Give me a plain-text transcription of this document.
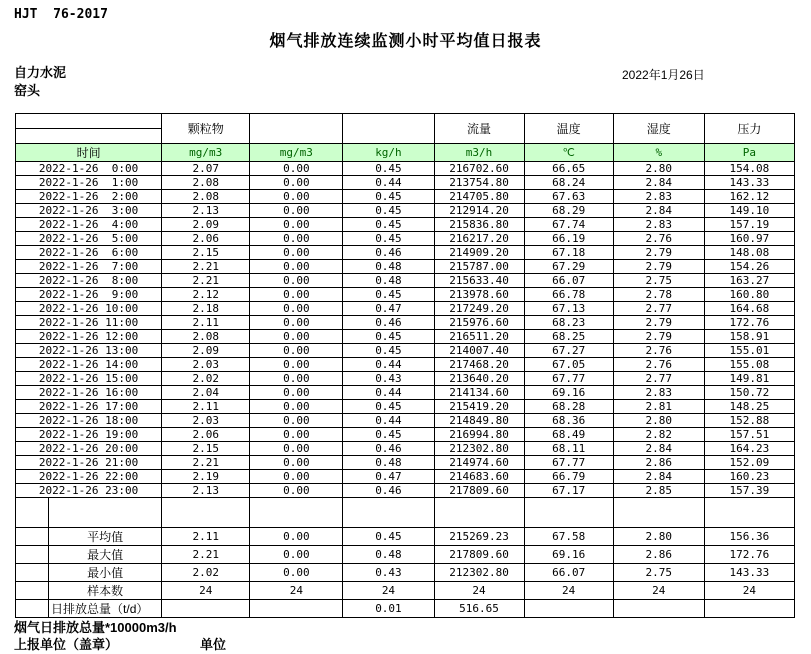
HJT  76-2017
烟气排放连续监测小时平均值日报表
自力水泥
窑头
2022年1月26日
		颗粒物			流量	温度	湿度	压力

时间		mg/m3	mg/m3	kg/h	m3/h	℃	%	Pa
2022-1-26  0:00		2.07	0.00	0.45	216702.60	66.65	2.80	154.08
2022-1-26  1:00		2.08	0.00	0.44	213754.80	68.24	2.84	143.33
2022-1-26  2:00		2.08	0.00	0.45	214705.80	67.63	2.83	162.12
2022-1-26  3:00		2.13	0.00	0.45	212914.20	68.29	2.84	149.10
2022-1-26  4:00		2.09	0.00	0.45	215836.80	67.74	2.83	157.19
2022-1-26  5:00		2.06	0.00	0.45	216217.20	66.19	2.76	160.97
2022-1-26  6:00		2.15	0.00	0.46	214909.20	67.18	2.79	148.08
2022-1-26  7:00		2.21	0.00	0.48	215787.00	67.29	2.79	154.26
2022-1-26  8:00		2.21	0.00	0.48	215633.40	66.07	2.75	163.27
2022-1-26  9:00		2.12	0.00	0.45	213978.60	66.78	2.78	160.80
2022-1-26 10:00		2.18	0.00	0.47	217249.20	67.13	2.77	164.68
2022-1-26 11:00		2.11	0.00	0.46	215976.60	68.23	2.79	172.76
2022-1-26 12:00		2.08	0.00	0.45	216511.20	68.25	2.79	158.91
2022-1-26 13:00		2.09	0.00	0.45	214007.40	67.27	2.76	155.01
2022-1-26 14:00		2.03	0.00	0.44	217468.20	67.05	2.76	155.08
2022-1-26 15:00		2.02	0.00	0.43	213640.20	67.77	2.77	149.81
2022-1-26 16:00		2.04	0.00	0.44	214134.60	69.16	2.83	150.72
2022-1-26 17:00		2.11	0.00	0.45	215419.20	68.28	2.81	148.25
2022-1-26 18:00		2.03	0.00	0.44	214849.80	68.36	2.80	152.88
2022-1-26 19:00		2.06	0.00	0.45	216994.80	68.49	2.82	157.51
2022-1-26 20:00		2.15	0.00	0.46	212302.80	68.11	2.84	164.23
2022-1-26 21:00		2.21	0.00	0.48	214974.60	67.77	2.86	152.09
2022-1-26 22:00		2.19	0.00	0.47	214683.60	66.79	2.84	160.23
2022-1-26 23:00		2.13	0.00	0.46	217809.60	67.17	2.85	157.39

	平均值	2.11	0.00	0.45	215269.23	67.58	2.80	156.36
	最大值	2.21	0.00	0.48	217809.60	69.16	2.86	172.76
	最小值	2.02	0.00	0.43	212302.80	66.07	2.75	143.33
	样本数	24	24	24	24	24	24	24
	日排放总量（t/d）			0.01	516.65			
烟气日排放总量*10000m3/h
上报单位（盖章）	单位
